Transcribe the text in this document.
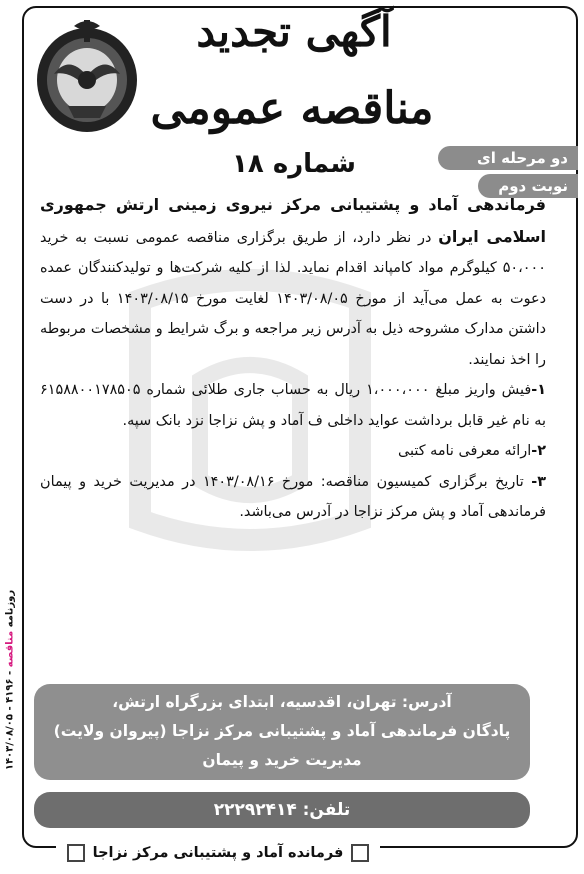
روزنامه مناقصه - ۴۱۹۶ - ۱۴۰۳/۰۸/۰۵
آگهی تجدید
مناقصه عمومی
شماره ۱۸	دو مرحله ای
نوبت دوم

فرماندهی آماد و پشتیبانی مرکز نیروی زمینی ارتش جمهوری اسلامی ایران در نظر دارد، از طریق برگزاری مناقصه عمومی نسبت به خرید ۵۰،۰۰۰ کیلوگرم مواد کامپاند اقدام نماید. لذا از کلیه شرکت‌ها و تولیدکنندگان عمده دعوت به عمل می‌آید از مورخ ۱۴۰۳/۰۸/۰۵ لغایت مورخ ۱۴۰۳/۰۸/۱۵ با در دست داشتن مدارک مشروحه ذیل به آدرس زیر مراجعه و برگ شرایط و مشخصات مربوطه را اخذ نمایند.

۱-فیش واریز مبلغ ۱،۰۰۰،۰۰۰ ریال به حساب جاری طلائی شماره ۶۱۵۸۸۰۰۱۷۸۵۰۵ به نام غیر قابل برداشت عواید داخلی ف آماد و پش نزاجا نزد بانک سپه.

۲-ارائه معرفی نامه کتبی

۳- تاریخ برگزاری کمیسیون مناقصه: مورخ ۱۴۰۳/۰۸/۱۶ در مدیریت خرید و پیمان فرماندهی آماد و پش مرکز نزاجا در آدرس می‌باشد.

آدرس: تهران، اقدسیه، ابتدای بزرگراه ارتش،
پادگان فرماندهی آماد و پشتیبانی مرکز نزاجا (پیروان ولایت)
مدیریت خرید و پیمان
تلفن: ۲۲۲۹۲۴۱۴
فرمانده آماد و پشتیبانی مرکز نزاجا
